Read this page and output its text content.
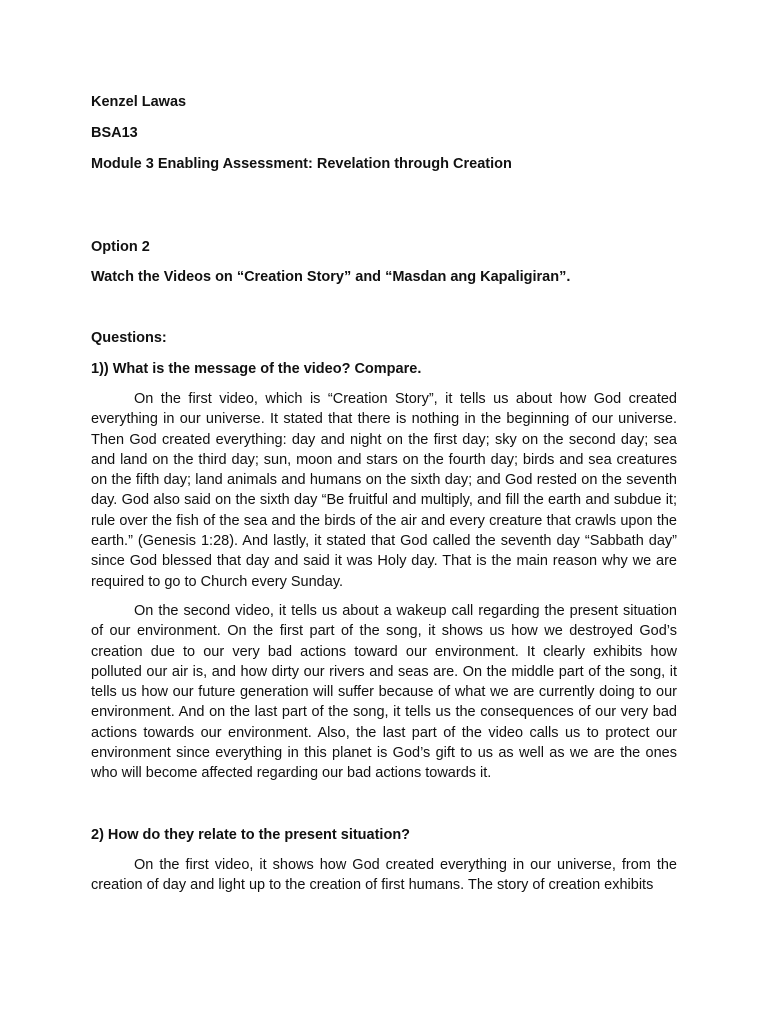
Kenzel Lawas

BSA13

Module 3 Enabling Assessment: Revelation through Creation

Option 2

Watch the Videos on “Creation Story” and “Masdan ang Kapaligiran”.

Questions:

1)) What is the message of the video? Compare.

On the first video, which is “Creation Story”, it tells us about how God created everything in our universe. It stated that there is nothing in the beginning of our universe. Then God created everything: day and night on the first day; sky on the second day; sea and land on the third day; sun, moon and stars on the fourth day; birds and sea creatures on the fifth day; land animals and humans on the sixth day; and God rested on the seventh day. God also said on the sixth day “Be fruitful and multiply, and fill the earth and subdue it; rule over the fish of the sea and the birds of the air and every creature that crawls upon the earth.” (Genesis 1:28). And lastly, it stated that God called the seventh day “Sabbath day” since God blessed that day and said it was Holy day. That is the main reason why we are required to go to Church every Sunday.

On the second video, it tells us about a wakeup call regarding the present situation of our environment. On the first part of the song, it shows us how we destroyed God’s creation due to our very bad actions toward our environment. It clearly exhibits how polluted our air is, and how dirty our rivers and seas are. On the middle part of the song, it tells us how our future generation will suffer because of what we are currently doing to our environment. And on the last part of the song, it tells us the consequences of our very bad actions towards our environment. Also, the last part of the video calls us to protect our environment since everything in this planet is God’s gift to us as well as we are the ones who will become affected regarding our bad actions towards it.

2) How do they relate to the present situation?

On the first video, it shows how God created everything in our universe, from the creation of day and light up to the creation of first humans. The story of creation exhibits
